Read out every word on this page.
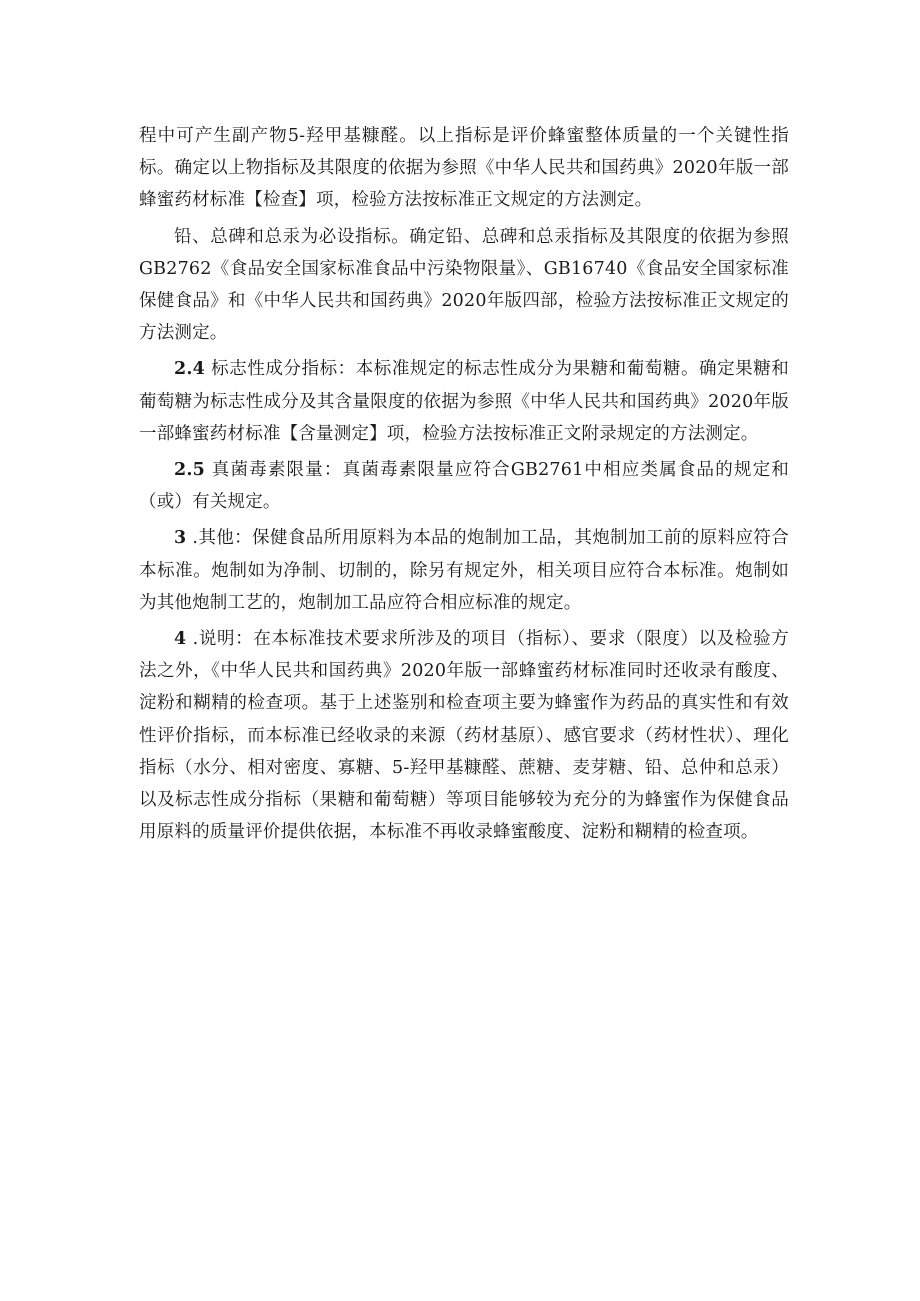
程中可产生副产物5-羟甲基糠醛。以上指标是评价蜂蜜整体质量的一个关键性指标。确定以上物指标及其限度的依据为参照《中华人民共和国药典》2020年版一部蜂蜜药材标准【检查】项，检验方法按标准正文规定的方法测定。

铅、总碑和总汞为必设指标。确定铅、总碑和总汞指标及其限度的依据为参照GB2762《食品安全国家标准食品中污染物限量》、GB16740《食品安全国家标准保健食品》和《中华人民共和国药典》2020年版四部，检验方法按标准正文规定的方法测定。

2.4 标志性成分指标：本标准规定的标志性成分为果糖和葡萄糖。确定果糖和葡萄糖为标志性成分及其含量限度的依据为参照《中华人民共和国药典》2020年版一部蜂蜜药材标准【含量测定】项，检验方法按标准正文附录规定的方法测定。

2.5 真菌毒素限量：真菌毒素限量应符合GB2761中相应类属食品的规定和（或）有关规定。

3 .其他：保健食品所用原料为本品的炮制加工品，其炮制加工前的原料应符合本标准。炮制如为净制、切制的，除另有规定外，相关项目应符合本标准。炮制如为其他炮制工艺的，炮制加工品应符合相应标准的规定。

4 .说明：在本标准技术要求所涉及的项目（指标）、要求（限度）以及检验方法之外，《中华人民共和国药典》2020年版一部蜂蜜药材标准同时还收录有酸度、淀粉和糊精的检查项。基于上述鉴别和检查项主要为蜂蜜作为药品的真实性和有效性评价指标，而本标准已经收录的来源（药材基原）、感官要求（药材性状）、理化指标（水分、相对密度、寡糖、5-羟甲基糠醛、蔗糖、麦芽糖、铅、总仲和总汞）以及标志性成分指标（果糖和葡萄糖）等项目能够较为充分的为蜂蜜作为保健食品用原料的质量评价提供依据，本标准不再收录蜂蜜酸度、淀粉和糊精的检查项。
